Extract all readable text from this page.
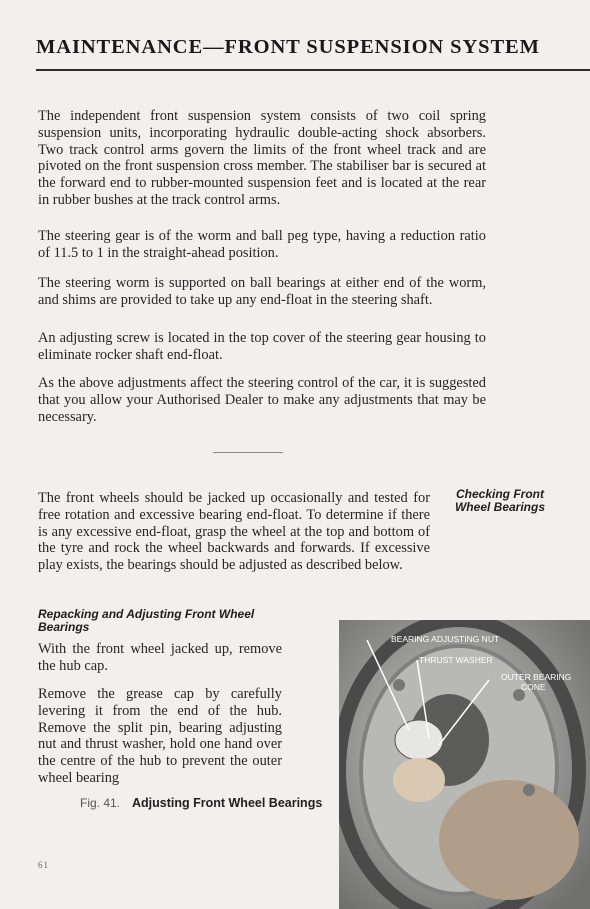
MAINTENANCE—FRONT SUSPENSION SYSTEM

The independent front suspension system consists of two coil spring suspension units, incorporating hydraulic double-acting shock absorbers. Two track control arms govern the limits of the front wheel track and are pivoted on the front suspension cross member. The stabiliser bar is secured at the forward end to rubber-mounted suspension feet and is located at the rear in rubber bushes at the track control arms.

The steering gear is of the worm and ball peg type, having a reduction ratio of 11.5 to 1 in the straight-ahead position.

The steering worm is supported on ball bearings at either end of the worm, and shims are provided to take up any end-float in the steering shaft.

An adjusting screw is located in the top cover of the steering gear housing to eliminate rocker shaft end-float.

As the above adjustments affect the steering control of the car, it is suggested that you allow your Authorised Dealer to make any adjustments that may be necessary.

The front wheels should be jacked up occasionally and tested for free rotation and excessive bearing end-float. To determine if there is any excessive end-float, grasp the wheel at the top and bottom of the tyre and rock the wheel backwards and forwards. If excessive play exists, the bearings should be adjusted as described below.

Checking Front Wheel Bearings
Repacking and Adjusting Front Wheel Bearings

With the front wheel jacked up, remove the hub cap.

Remove the grease cap by carefully levering it from the end of the hub. Remove the split pin, bearing adjusting nut and thrust washer, hold one hand over the centre of the hub to prevent the outer wheel bearing

BEARING ADJUSTING NUT
THRUST WASHER
OUTER BEARING
CONE
Fig. 41. Adjusting Front Wheel Bearings
61
